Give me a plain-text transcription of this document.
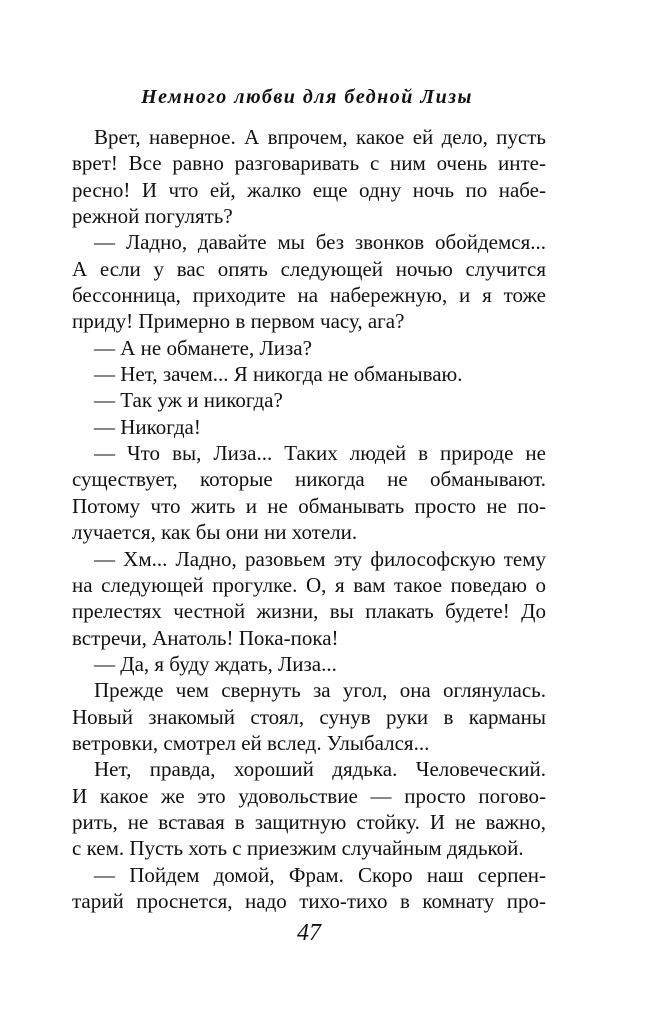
Немного любви для бедной Лизы
Врет, наверное. А впрочем, какое ей дело, пусть
врет! Все равно разговаривать с ним очень инте-
ресно! И что ей, жалко еще одну ночь по набе-
режной погулять?
— Ладно, давайте мы без звонков обойдемся...
А если у вас опять следующей ночью случится
бессонница, приходите на набережную, и я тоже
приду! Примерно в первом часу, ага?
— А не обманете, Лиза?
— Нет, зачем... Я никогда не обманываю.
— Так уж и никогда?
— Никогда!
— Что вы, Лиза... Таких людей в природе не
существует, которые никогда не обманывают.
Потому что жить и не обманывать просто не по-
лучается, как бы они ни хотели.
— Хм... Ладно, разовьем эту философскую тему
на следующей прогулке. О, я вам такое поведаю о
прелестях честной жизни, вы плакать будете! До
встречи, Анатоль! Пока-пока!
— Да, я буду ждать, Лиза...
Прежде чем свернуть за угол, она оглянулась.
Новый знакомый стоял, сунув руки в карманы
ветровки, смотрел ей вслед. Улыбался...
Нет, правда, хороший дядька. Человеческий.
И какое же это удовольствие — просто погово-
рить, не вставая в защитную стойку. И не важно,
с кем. Пусть хоть с приезжим случайным дядькой.
— Пойдем домой, Фрам. Скоро наш серпен-
тарий проснется, надо тихо-тихо в комнату про-
47
